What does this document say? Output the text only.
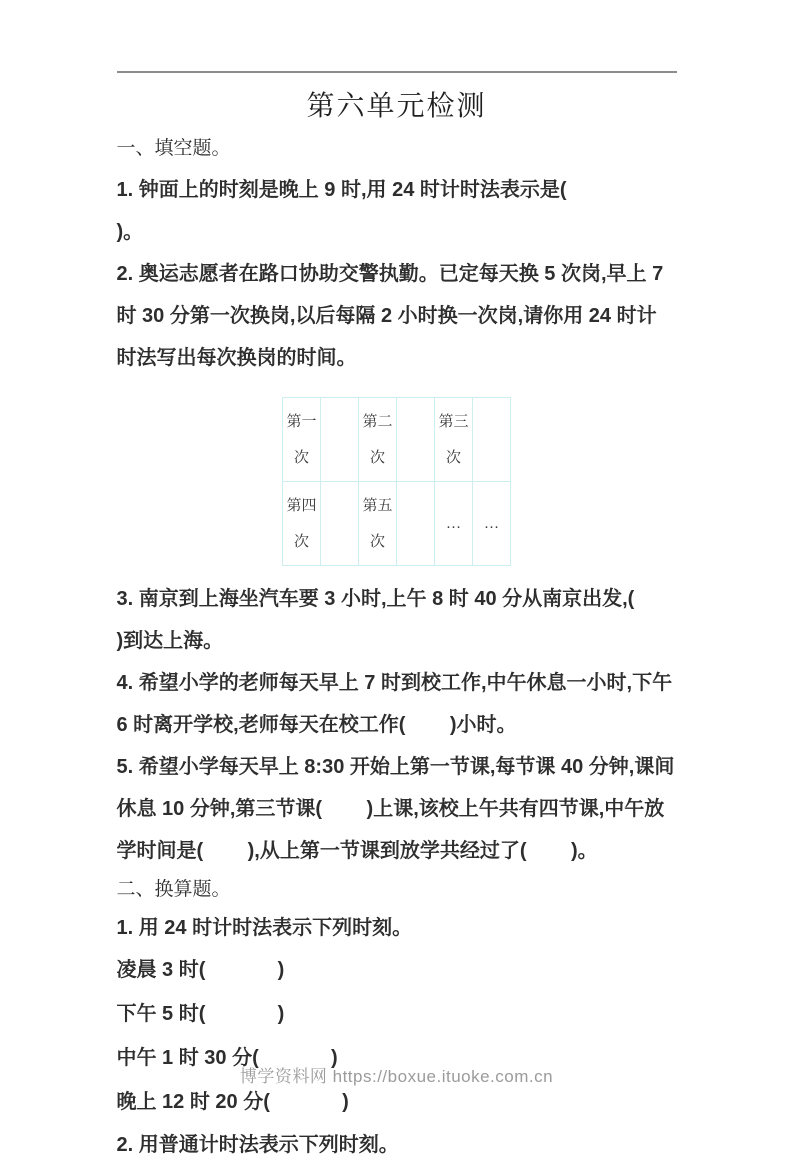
第六单元检测

一、填空题。

1. 钟面上的时刻是晚上 9 时,用 24 时计时法表示是(                         )。

2. 奥运志愿者在路口协助交警执勤。已定每天换 5 次岗,早上 7 时 30 分第一次换岗,以后每隔 2 小时换一次岗,请你用 24 时计时法写出每次换岗的时间。

第一次		第二次		第三次	
第四次		第五次		…	…

3. 南京到上海坐汽车要 3 小时,上午 8 时 40 分从南京出发,(        )到达上海。

4. 希望小学的老师每天早上 7 时到校工作,中午休息一小时,下午 6 时离开学校,老师每天在校工作(        )小时。

5. 希望小学每天早上 8:30 开始上第一节课,每节课 40 分钟,课间休息 10 分钟,第三节课(        )上课,该校上午共有四节课,中午放学时间是(        ),从上第一节课到放学共经过了(        )。

二、换算题。

1. 用 24 时计时法表示下列时刻。

凌晨 3 时(             )

下午 5 时(             )

中午 1 时 30 分(             )

晚上 12 时 20 分(             )

2. 用普通计时法表示下列时刻。

博学资料网 https://boxue.ituoke.com.cn
